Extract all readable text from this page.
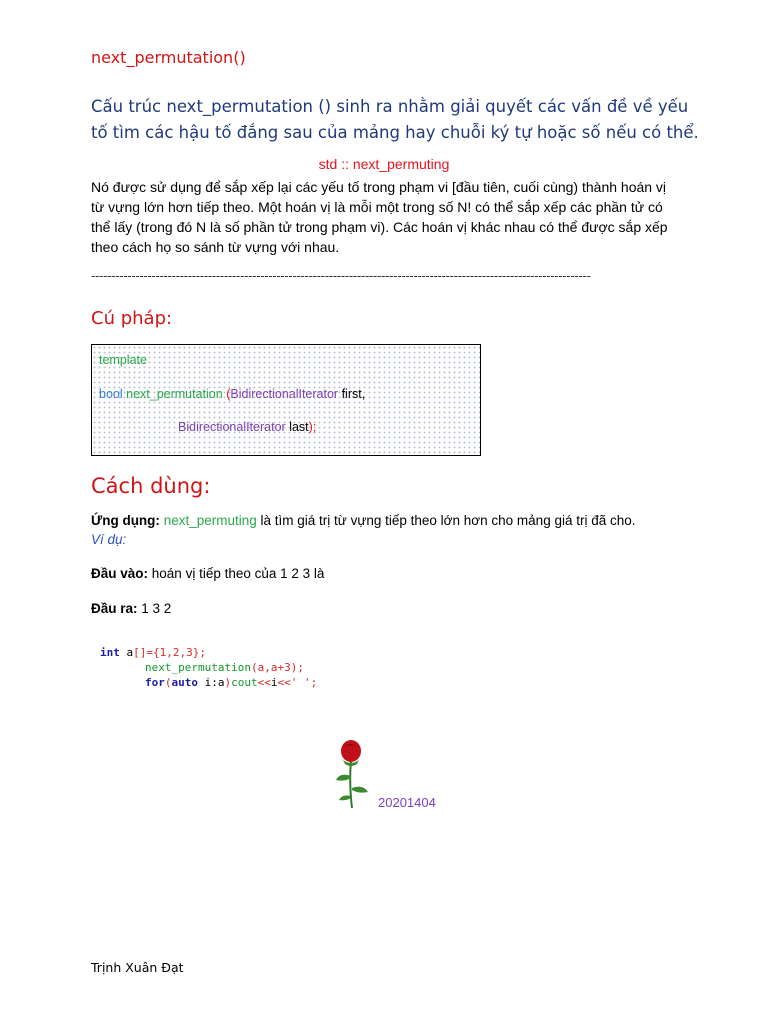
next_permutation()
Cấu trúc next_permutation () sinh ra nhằm giải quyết các vấn đề về yếu tố tìm các hậu tố đắng sau của mảng hay chuỗi ký tự hoặc số nếu có thể.
std :: next_permuting
Nó được sử dụng để sắp xếp lại các yếu tố trong phạm vi [đầu tiên, cuối cùng) thành hoán vị từ vựng lớn hơn tiếp theo. Một hoán vị là mỗi một trong số N! có thể sắp xếp các phần tử có thể lấy (trong đó N là số phần tử trong phạm vi). Các hoán vị khác nhau có thể được sắp xếp theo cách họ so sánh từ vựng với nhau.
----------------------------------------------------------------------------------------------------------------------------
Cú pháp:
template
bool next_permutation (BidirectionalIterator first,
BidirectionalIterator last);
Cách dùng:
Ứng dụng: next_permuting là tìm giá trị từ vựng tiếp theo lớn hơn cho mảng giá trị đã cho.
Ví dụ:
Đầu vào: hoán vị tiếp theo của 1 2 3 là
Đầu ra: 1 3 2
int a[]={1,2,3};
next_permutation(a,a+3);
for(auto i:a)cout<<i<<' ';
20201404
Trịnh Xuân Đạt
